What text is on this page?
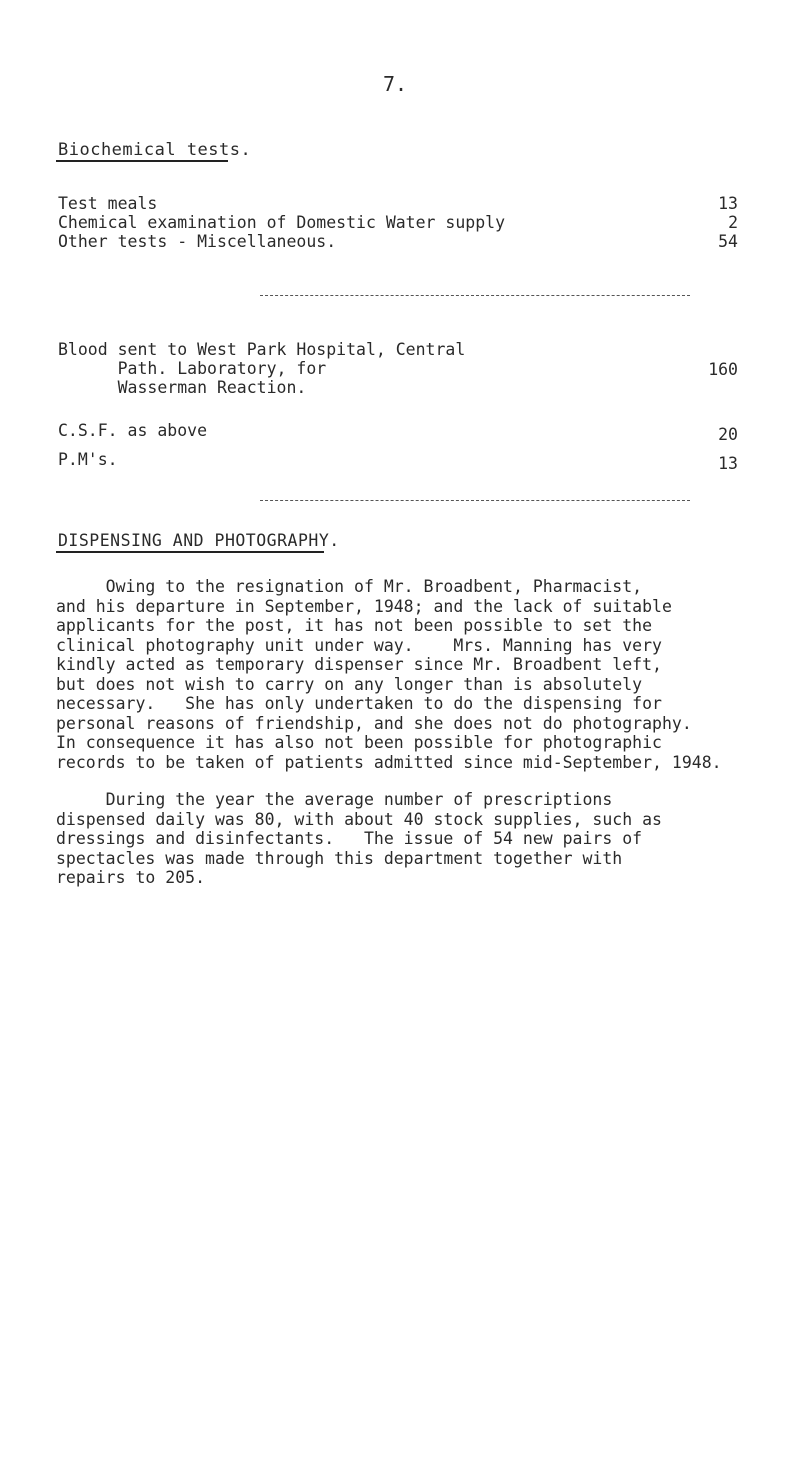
7.
Biochemical tests.
Test meals	13
Chemical examination of Domestic Water supply	2
Other tests - Miscellaneous.	54
Blood sent to West Park Hospital, Central
Path. Laboratory, for
Wasserman Reaction.
160
C.S.F. as above	20
P.M's.	13
DISPENSING AND PHOTOGRAPHY.

Owing to the resignation of Mr. Broadbent, Pharmacist,
and his departure in September, 1948; and the lack of suitable
applicants for the post, it has not been possible to set the
clinical photography unit under way.    Mrs. Manning has very
kindly acted as temporary dispenser since Mr. Broadbent left,
but does not wish to carry on any longer than is absolutely
necessary.   She has only undertaken to do the dispensing for
personal reasons of friendship, and she does not do photography.
In consequence it has also not been possible for photographic
records to be taken of patients admitted since mid-September, 1948.

During the year the average number of prescriptions
dispensed daily was 80, with about 40 stock supplies, such as
dressings and disinfectants.   The issue of 54 new pairs of
spectacles was made through this department together with
repairs to 205.
